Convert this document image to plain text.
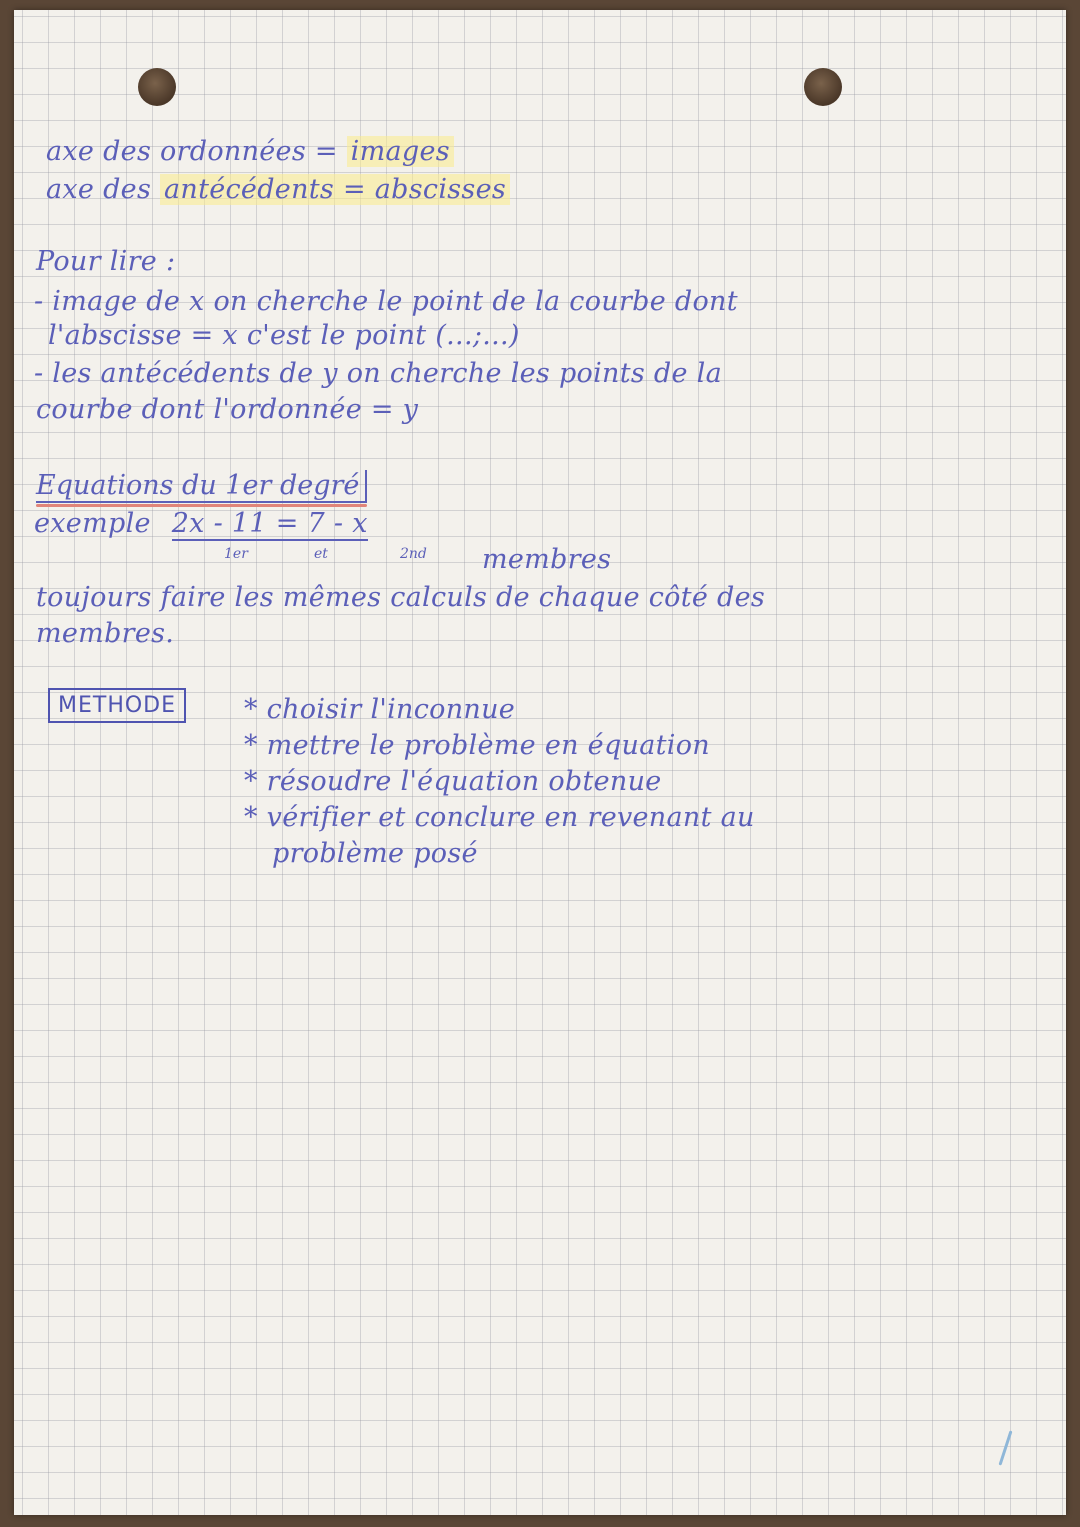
axe des ordonnées = images
axe des antécédents = abscisses
Pour lire :
- image de x on cherche le point de la courbe dont
l'abscisse = x c'est le point (...;...)
- les antécédents de y on cherche les points de la
courbe dont l'ordonnée = y
Equations du 1er degré
exemple 2x - 11 = 7 - x
1er	et	2nd membres
toujours faire les mêmes calculs de chaque côté des
membres.
METHODE	* choisir l'inconnue
* mettre le problème en équation
* résoudre l'équation obtenue
* vérifier et conclure en revenant au
problème posé
